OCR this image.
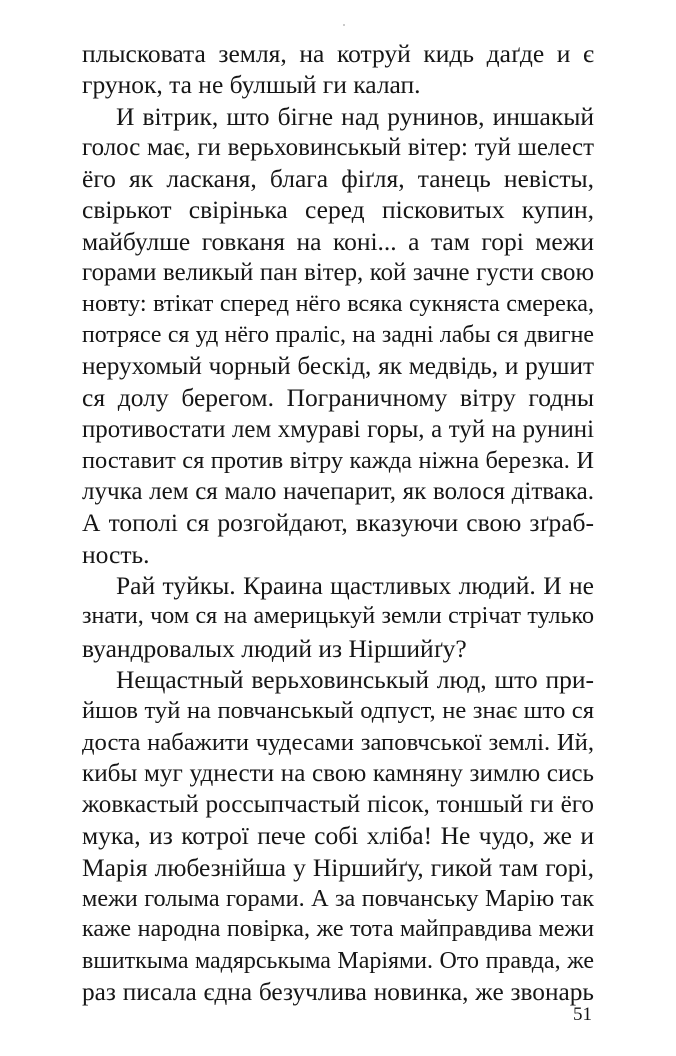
плысковата земля, на котруй кидь даґде и є
грунок, та не булшый ги калап.
И вітрик, што бігне над рунинов, иншакый
голос має, ги верьховинськый вітер: туй шелест
ёго як ласканя, блага фіґля, танець невісты,
свірькот свірінька серед пісковитых купин,
майбулше говканя на коні... а там горі межи
горами великый пан вітер, кой зачне густи свою
новту: втікат сперед нёго всяка сукняста смерека,
потрясе ся уд нёго праліс, на задні лабы ся двигне
нерухомый чорный бескід, як медвідь, и рушит
ся долу берегом. Пограничному вітру годны
противостати лем хмураві горы, а туй на рунині
поставит ся против вітру кажда ніжна березка. И
лучка лем ся мало начепарит, як волося дітвака.
А тополі ся розгойдают, вказуючи свою зґраб-
ность.
Рай туйкы. Краина щастливых людий. И не
знати, чом ся на америцькуй земли стрічат тулько
вуандровалых людий из Ніршийґу?
Нещастный верьховинськый люд, што при-
йшов туй на повчанськый одпуст, не знає што ся
доста набажити чудесами заповчської землі. Ий,
кибы муг уднести на свою камняну зимлю сись
жовкастый россыпчастый пісок, тоншый ги ёго
мука, из котрої пече собі хліба! Не чудо, же и
Марія любезнійша у Ніршийґу, гикой там горі,
межи голыма горами. А за повчанську Марію так
каже народна повірка, же тота майправдива межи
вшиткыма мадярськыма Маріями. Ото правда, же
раз писала єдна безучлива новинка, же звонарь
51
